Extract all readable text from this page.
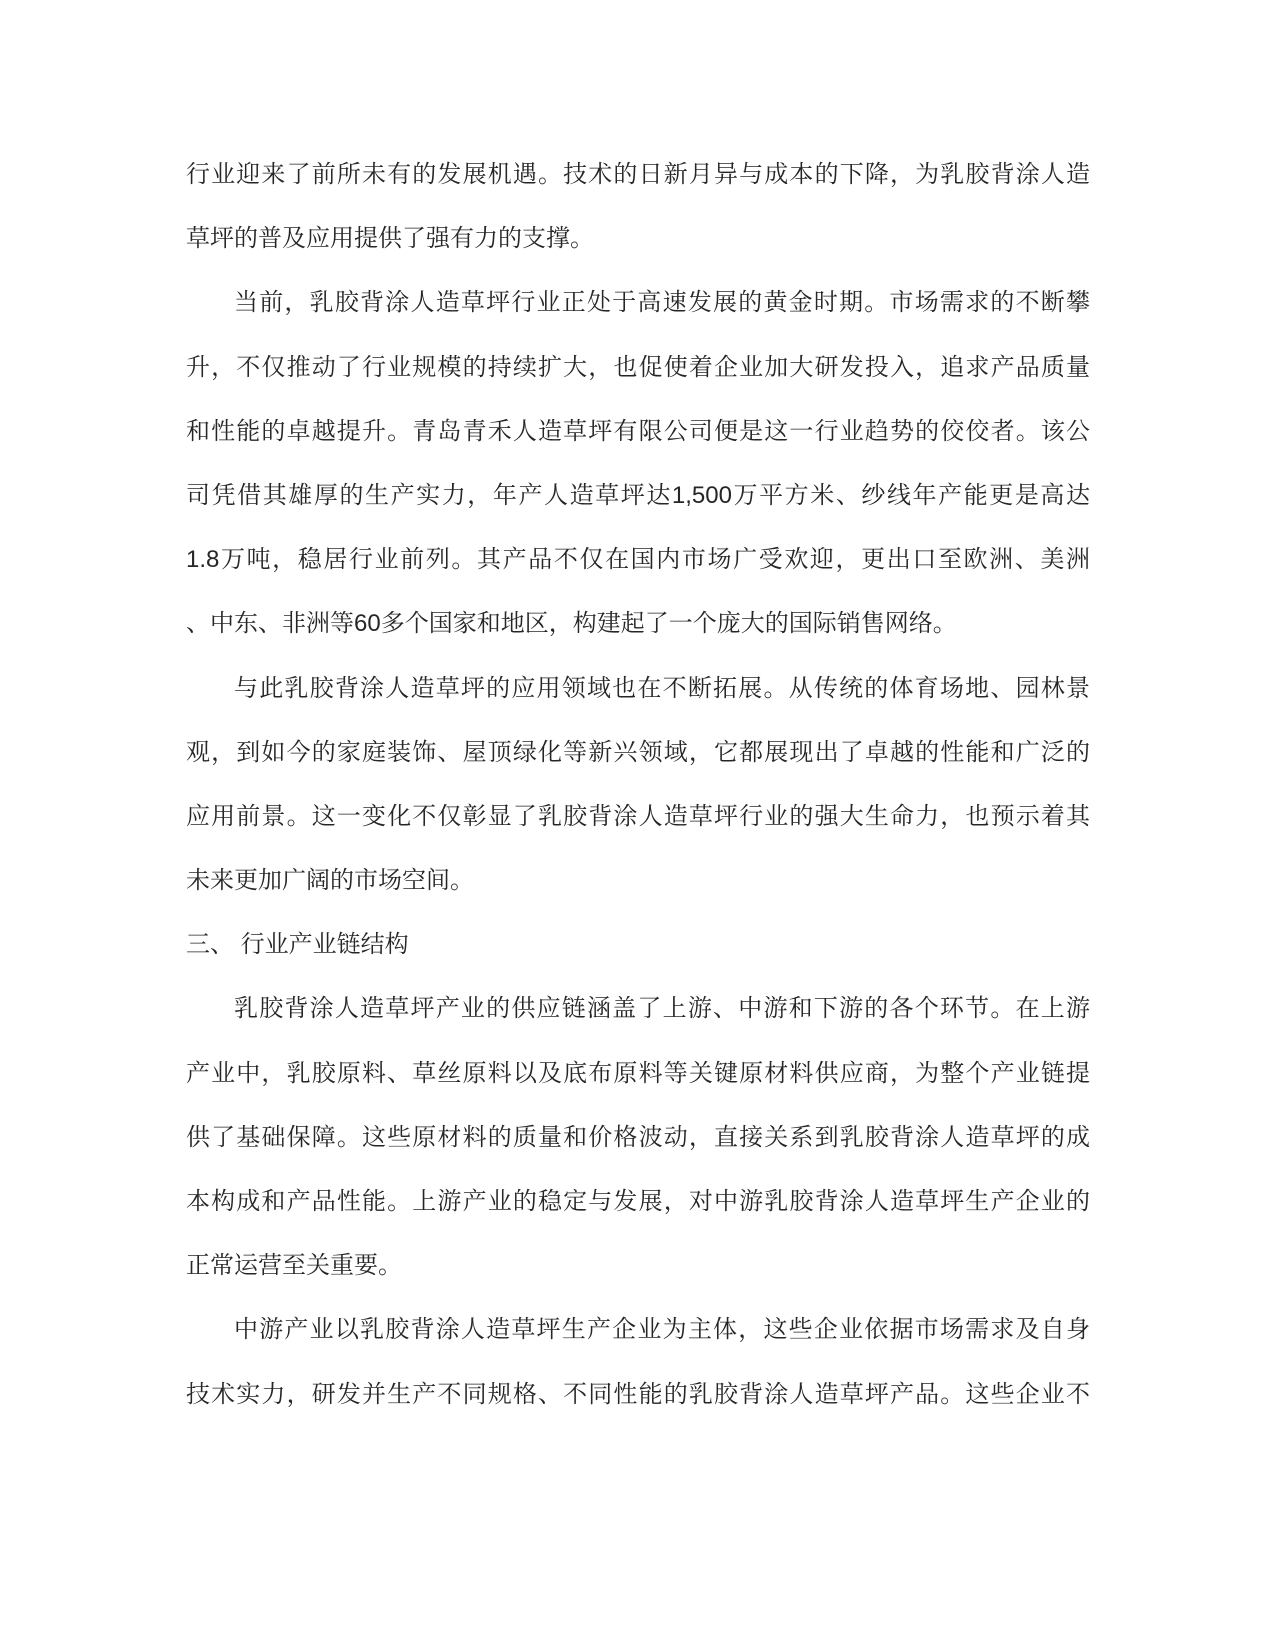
行业迎来了前所未有的发展机遇。技术的日新月异与成本的下降，为乳胶背涂人造
草坪的普及应用提供了强有力的支撑。
当前，乳胶背涂人造草坪行业正处于高速发展的黄金时期。市场需求的不断攀
升，不仅推动了行业规模的持续扩大，也促使着企业加大研发投入，追求产品质量
和性能的卓越提升。青岛青禾人造草坪有限公司便是这一行业趋势的佼佼者。该公
司凭借其雄厚的生产实力，年产人造草坪达1,500万平方米、纱线年产能更是高达
1.8万吨，稳居行业前列。其产品不仅在国内市场广受欢迎，更出口至欧洲、美洲
、中东、非洲等60多个国家和地区，构建起了一个庞大的国际销售网络。
与此乳胶背涂人造草坪的应用领域也在不断拓展。从传统的体育场地、园林景
观，到如今的家庭装饰、屋顶绿化等新兴领域，它都展现出了卓越的性能和广泛的
应用前景。这一变化不仅彰显了乳胶背涂人造草坪行业的强大生命力，也预示着其
未来更加广阔的市场空间。
三、 行业产业链结构
乳胶背涂人造草坪产业的供应链涵盖了上游、中游和下游的各个环节。在上游
产业中，乳胶原料、草丝原料以及底布原料等关键原材料供应商，为整个产业链提
供了基础保障。这些原材料的质量和价格波动，直接关系到乳胶背涂人造草坪的成
本构成和产品性能。上游产业的稳定与发展，对中游乳胶背涂人造草坪生产企业的
正常运营至关重要。
中游产业以乳胶背涂人造草坪生产企业为主体，这些企业依据市场需求及自身
技术实力，研发并生产不同规格、不同性能的乳胶背涂人造草坪产品。这些企业不
